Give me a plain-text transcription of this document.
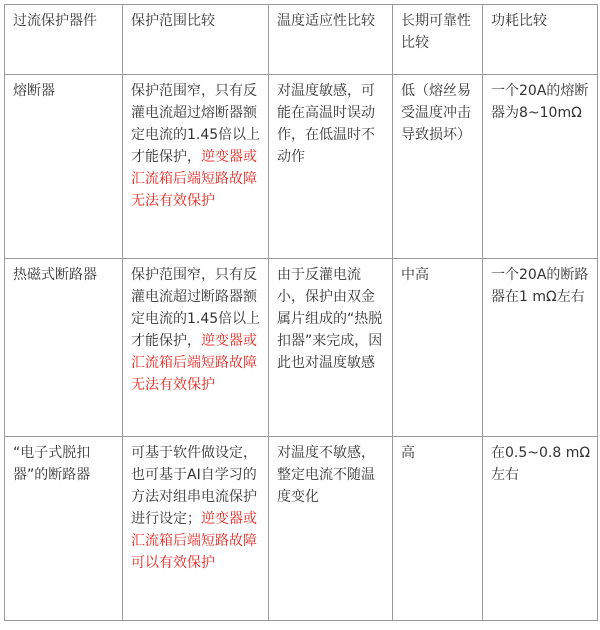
过流保护器件	保护范围比较	温度适应性比较	长期可靠性比较	功耗比较
熔断器	保护范围窄，只有反灌电流超过熔断器额定电流的1.45倍以上才能保护，逆变器或汇流箱后端短路故障无法有效保护	对温度敏感，可能在高温时误动作，在低温时不动作	低（熔丝易受温度冲击导致损坏）	一个20A的熔断器为8~10mΩ
热磁式断路器	保护范围窄，只有反灌电流超过断路器额定电流的1.45倍以上才能保护，逆变器或汇流箱后端短路故障无法有效保护	由于反灌电流小，保护由双金属片组成的“热脱扣器”来完成，因此也对温度敏感	中高	一个20A的断路器在1 mΩ左右
“电子式脱扣器”的断路器	可基于软件做设定，也可基于AI自学习的方法对组串电流保护进行设定；逆变器或汇流箱后端短路故障可以有效保护	对温度不敏感，整定电流不随温度变化	高	在0.5~0.8 mΩ左右
